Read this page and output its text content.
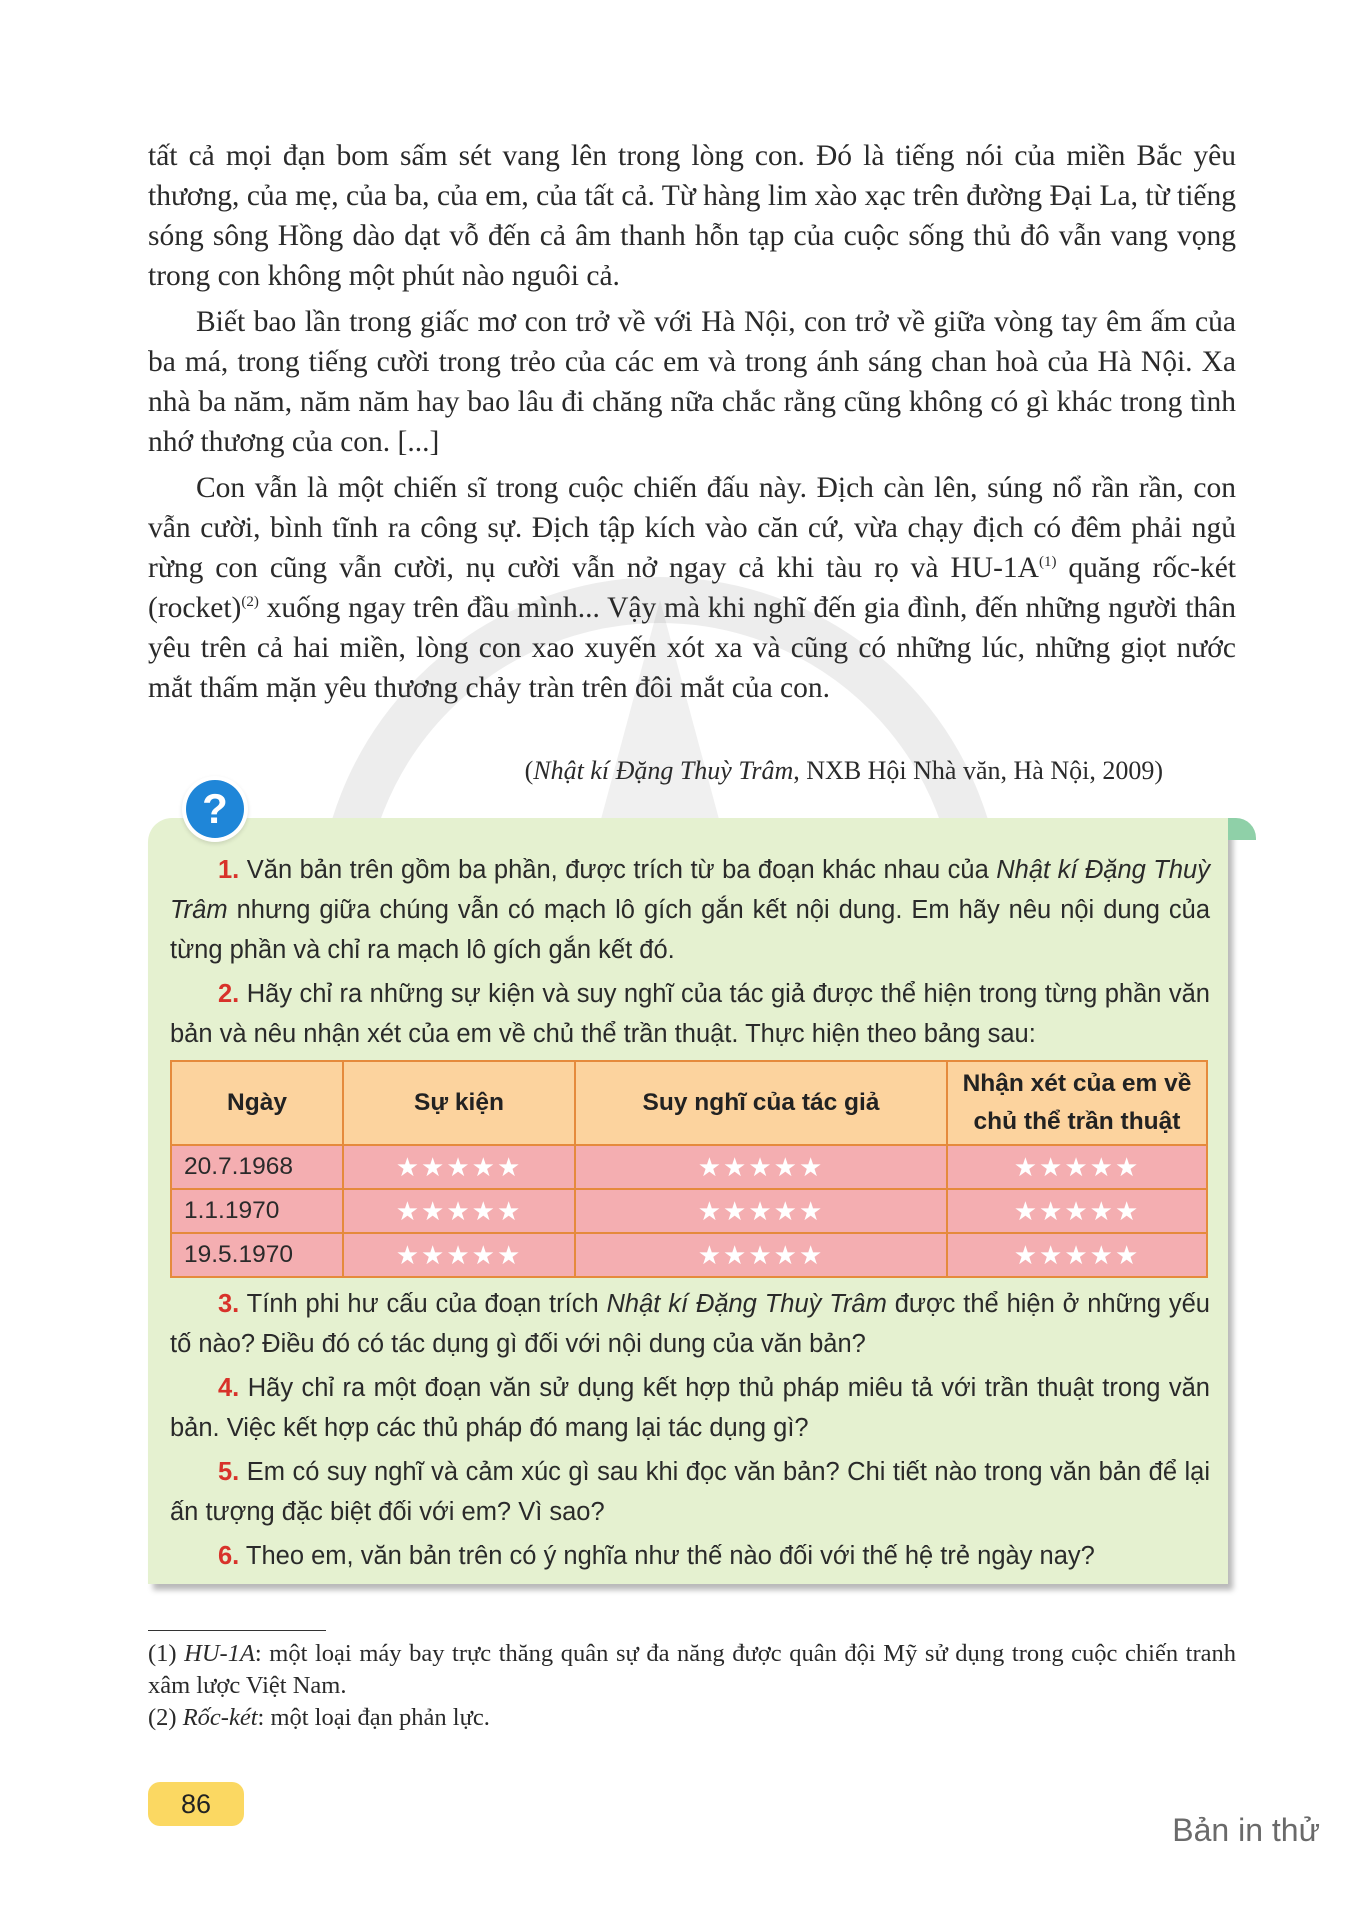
tất cả mọi đạn bom sấm sét vang lên trong lòng con. Đó là tiếng nói của miền Bắc yêu thương, của mẹ, của ba, của em, của tất cả. Từ hàng lim xào xạc trên đường Đại La, từ tiếng sóng sông Hồng dào dạt vỗ đến cả âm thanh hỗn tạp của cuộc sống thủ đô vẫn vang vọng trong con không một phút nào nguôi cả.

Biết bao lần trong giấc mơ con trở về với Hà Nội, con trở về giữa vòng tay êm ấm của ba má, trong tiếng cười trong trẻo của các em và trong ánh sáng chan hoà của Hà Nội. Xa nhà ba năm, năm năm hay bao lâu đi chăng nữa chắc rằng cũng không có gì khác trong tình nhớ thương của con. [...]

Con vẫn là một chiến sĩ trong cuộc chiến đấu này. Địch càn lên, súng nổ rần rần, con vẫn cười, bình tĩnh ra công sự. Địch tập kích vào căn cứ, vừa chạy địch có đêm phải ngủ rừng con cũng vẫn cười, nụ cười vẫn nở ngay cả khi tàu rọ và $HU-1A^{(1)}$ quăng rốc-két (rocket)$^{(2)}$ xuống ngay trên đầu mình... Vậy mà khi nghĩ đến gia đình, đến những người thân yêu trên cả hai miền, lòng con xao xuyến xót xa và cũng có những lúc, những giọt nước mắt thấm mặn yêu thương chảy tràn trên đôi mắt của con.

(Nhật kí Đặng Thuỳ Trâm, NXB Hội Nhà văn, Hà Nội, 2009)
?

1. Văn bản trên gồm ba phần, được trích từ ba đoạn khác nhau của Nhật kí Đặng Thuỳ Trâm nhưng giữa chúng vẫn có mạch lô gích gắn kết nội dung. Em hãy nêu nội dung của từng phần và chỉ ra mạch lô gích gắn kết đó.

2. Hãy chỉ ra những sự kiện và suy nghĩ của tác giả được thể hiện trong từng phần văn bản và nêu nhận xét của em về chủ thể trần thuật. Thực hiện theo bảng sau:

Ngày	Sự kiện	Suy nghĩ của tác giả	Nhận xét của em về chủ thể trần thuật
20.7.1968	★★★★★	★★★★★	★★★★★
1.1.1970	★★★★★	★★★★★	★★★★★
19.5.1970	★★★★★	★★★★★	★★★★★

3. Tính phi hư cấu của đoạn trích Nhật kí Đặng Thuỳ Trâm được thể hiện ở những yếu tố nào? Điều đó có tác dụng gì đối với nội dung của văn bản?

4. Hãy chỉ ra một đoạn văn sử dụng kết hợp thủ pháp miêu tả với trần thuật trong văn bản. Việc kết hợp các thủ pháp đó mang lại tác dụng gì?

5. Em có suy nghĩ và cảm xúc gì sau khi đọc văn bản? Chi tiết nào trong văn bản để lại ấn tượng đặc biệt đối với em? Vì sao?

6. Theo em, văn bản trên có ý nghĩa như thế nào đối với thế hệ trẻ ngày nay?

(1) HU-1A: một loại máy bay trực thăng quân sự đa năng được quân đội Mỹ sử dụng trong cuộc chiến tranh xâm lược Việt Nam.

(2) Rốc-két: một loại đạn phản lực.

86
Bản in thử
